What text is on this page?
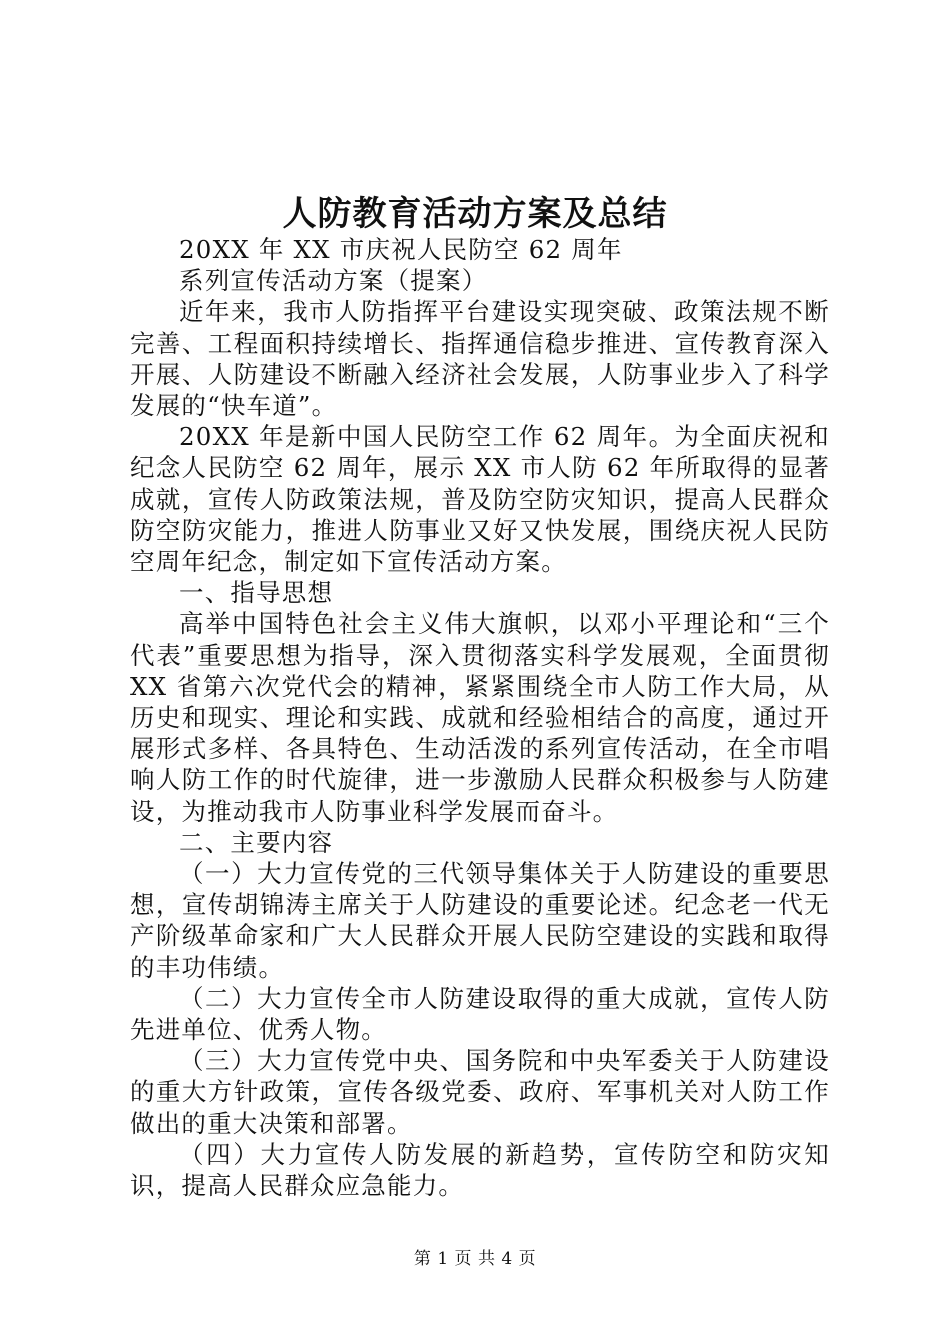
人防教育活动方案及总结

20XX 年 XX 市庆祝人民防空 62 周年

系列宣传活动方案（提案）

近年来，我市人防指挥平台建设实现突破、政策法规不断完善、工程面积持续增长、指挥通信稳步推进、宣传教育深入开展、人防建设不断融入经济社会发展，人防事业步入了科学发展的“快车道”。

20XX 年是新中国人民防空工作 62 周年。为全面庆祝和纪念人民防空 62 周年，展示 XX 市人防 62 年所取得的显著成就，宣传人防政策法规，普及防空防灾知识，提高人民群众防空防灾能力，推进人防事业又好又快发展，围绕庆祝人民防空周年纪念，制定如下宣传活动方案。

一、指导思想

高举中国特色社会主义伟大旗帜，以邓小平理论和“三个代表”重要思想为指导，深入贯彻落实科学发展观，全面贯彻 XX 省第六次党代会的精神，紧紧围绕全市人防工作大局，从历史和现实、理论和实践、成就和经验相结合的高度，通过开展形式多样、各具特色、生动活泼的系列宣传活动，在全市唱响人防工作的时代旋律，进一步激励人民群众积极参与人防建设，为推动我市人防事业科学发展而奋斗。

二、主要内容

（一）大力宣传党的三代领导集体关于人防建设的重要思想，宣传胡锦涛主席关于人防建设的重要论述。纪念老一代无产阶级革命家和广大人民群众开展人民防空建设的实践和取得的丰功伟绩。

（二）大力宣传全市人防建设取得的重大成就，宣传人防先进单位、优秀人物。

（三）大力宣传党中央、国务院和中央军委关于人防建设的重大方针政策，宣传各级党委、政府、军事机关对人防工作做出的重大决策和部署。

（四）大力宣传人防发展的新趋势，宣传防空和防灾知识，提高人民群众应急能力。

第 1 页 共 4 页
